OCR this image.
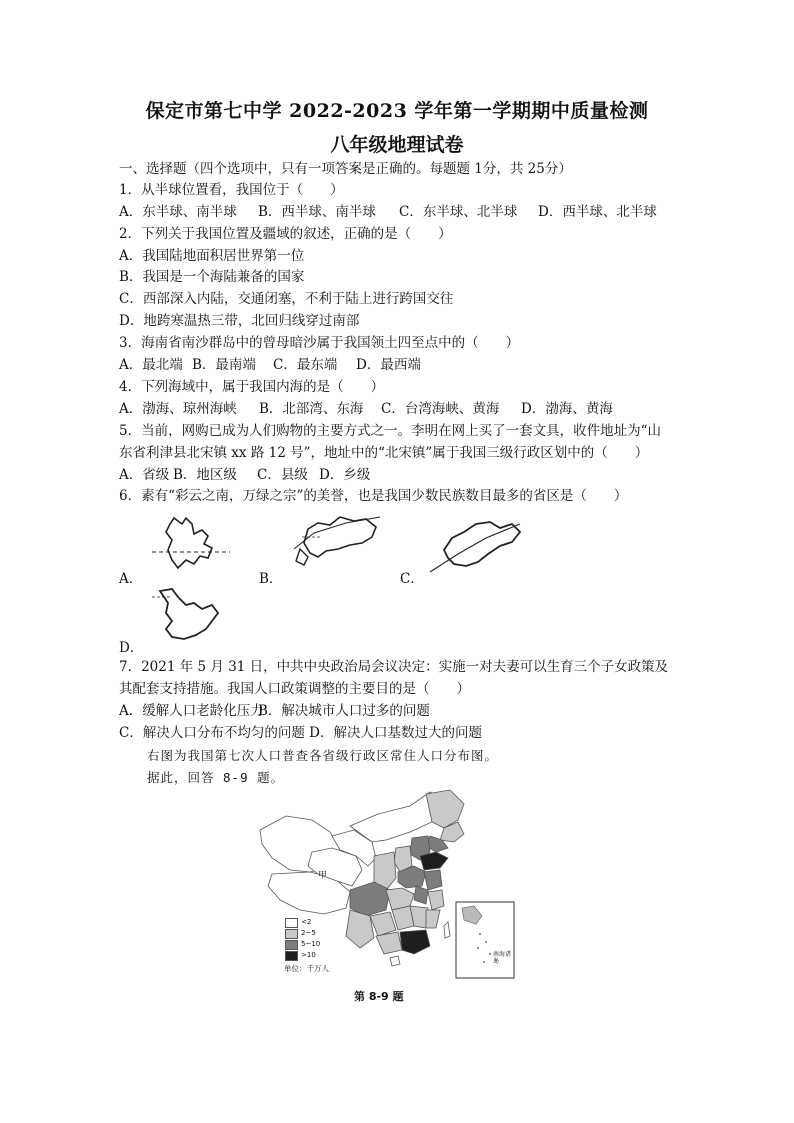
保定市第七中学 2022-2023 学年第一学期期中质量检测
八年级地理试卷
一、选择题（四个选项中，只有一项答案是正确的。每题题 1分，共 25分）
1．从半球位置看，我国位于（　　）
A．东半球、南半球 B．西半球、南半球 C．东半球、北半球 D．西半球、北半球
2．下列关于我国位置及疆域的叙述，正确的是（　　）
A．我国陆地面积居世界第一位
B．我国是一个海陆兼备的国家
C．西部深入内陆，交通闭塞，不利于陆上进行跨国交往
D．地跨寒温热三带，北回归线穿过南部
3．海南省南沙群岛中的曾母暗沙属于我国领土四至点中的（　　）
A．最北端 B．最南端 C．最东端 D．最西端
4．下列海域中，属于我国内海的是（　　）
A．渤海、琼州海峡 B．北部湾、东海 C．台湾海峡、黄海 D．渤海、黄海
5．当前，网购已成为人们购物的主要方式之一。李明在网上买了一套文具，收件地址为“山
东省利津县北宋镇 xx 路 12 号”，地址中的“北宋镇”属于我国三级行政区划中的（　　）
A．省级 B．地区级 C．县级 D．乡级
6．素有“彩云之南，万绿之宗”的美誉，也是我国少数民族数目最多的省区是（　　）
A．	B．	C．
D．
7．2021 年 5 月 31 日，中共中央政治局会议决定：实施一对夫妻可以生育三个子女政策及
其配套支持措施。我国人口政策调整的主要目的是（　　）
A．缓解人口老龄化压力B．解决城市人口过多的问题
C．解决人口分布不均匀的问题 D．解决人口基数过大的问题
右图为我国第七次人口普查各省级行政区常住人口分布图。
据此，回答 8-9 题。
甲
南海诸岛
<2
2~5
5~10
>10
单位：千万人
第 8-9 题
